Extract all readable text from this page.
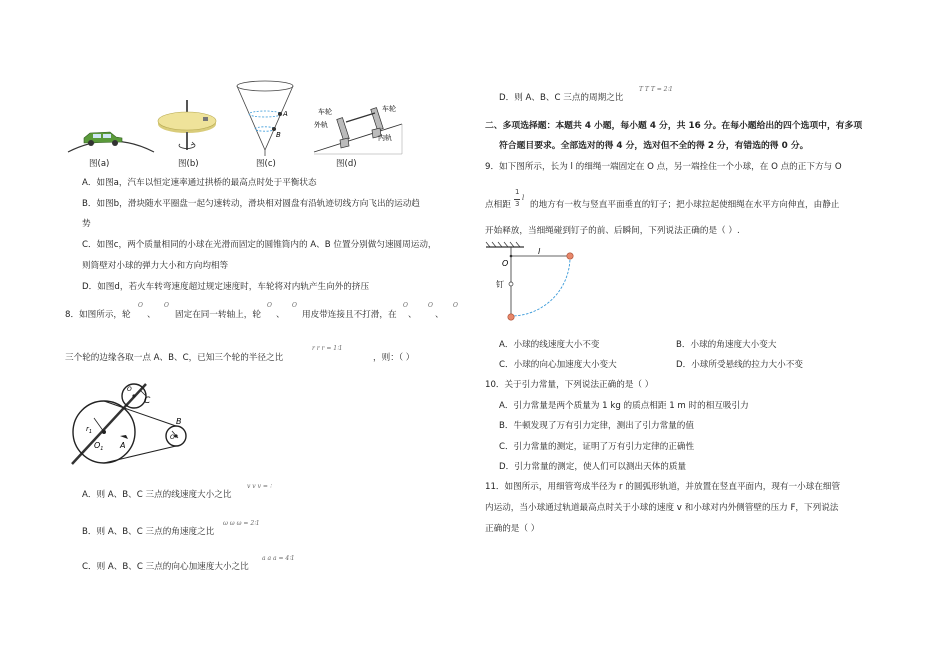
图(a)	图(b)
A
B
图(c)
车轮
外轨
车轮
内轨
图(d)
A．如图a，汽车以恒定速率通过拱桥的最高点时处于平衡状态
B．如图b，滑块随水平圈盘一起匀速转动，滑块相对圆盘有沿轨迹切线方向飞出的运动趋
势
C．如图c，两个质量相同的小球在光滑而固定的圆锥筒内的 A、B 位置分别做匀速圆周运动，
则筒壁对小球的弹力大小和方向均相等
D．如图d，若火车转弯速度超过规定速度时，车轮将对内轨产生向外的挤压
8．如图所示，轮
O
、
O
固定在同一转轴上，轮
O
、
O
用皮带连接且不打滑，在
O
、
O
、
O
三个轮的边缘各取一点 A、B、C，已知三个轮的半径之比
r r r = 1∶1
，则：（ ）
$r_1$
$O_1$ A
C
B
O
O
A．则 A、B、C 三点的线速度大小之比
v v v = ∶
B．则 A、B、C 三点的角速度之比
ω ω ω = 2∶1
C．则 A、B、C 三点的向心加速度大小之比
a a a = 4∶1
D．则 A、B、C 三点的周期之比
T T T = 2∶1
二、多项选择题：本题共 4 小题，每小题 4 分，共 16 分。在每小题给出的四个选项中，有多项
符合题目要求。全部选对的得 4 分，选对但不全的得 2 分，有错选的得 0 分。
9．如下图所示，长为 l 的细绳一端固定在 O 点，另一端拴住一个小球，在 O 点的正下方与 O
点相距
1
3
l
的地方有一枚与竖直平面垂直的钉子；把小球拉起使细绳在水平方向伸直，由静止
开始释放，当细绳碰到钉子的前、后瞬间，下列说法正确的是（ ）.
O
l
钉
A．小球的线速度大小不变	B．小球的角速度大小变大
C．小球的向心加速度大小变大	D．小球所受悬线的拉力大小不变
10．关于引力常量，下列说法正确的是（ ）
A．引力常量是两个质量为 1 kg 的质点相距 1 m 时的相互吸引力
B．牛顿发现了万有引力定律，测出了引力常量的值
C．引力常量的测定，证明了万有引力定律的正确性
D．引力常量的测定，使人们可以测出天体的质量
11．如图所示，用细管弯成半径为 r 的圆弧形轨道，并放置在竖直平面内，现有一小球在细管
内运动，当小球通过轨道最高点时关于小球的速度 v 和小球对内外侧管壁的压力 F，下列说法
正确的是（ ）
